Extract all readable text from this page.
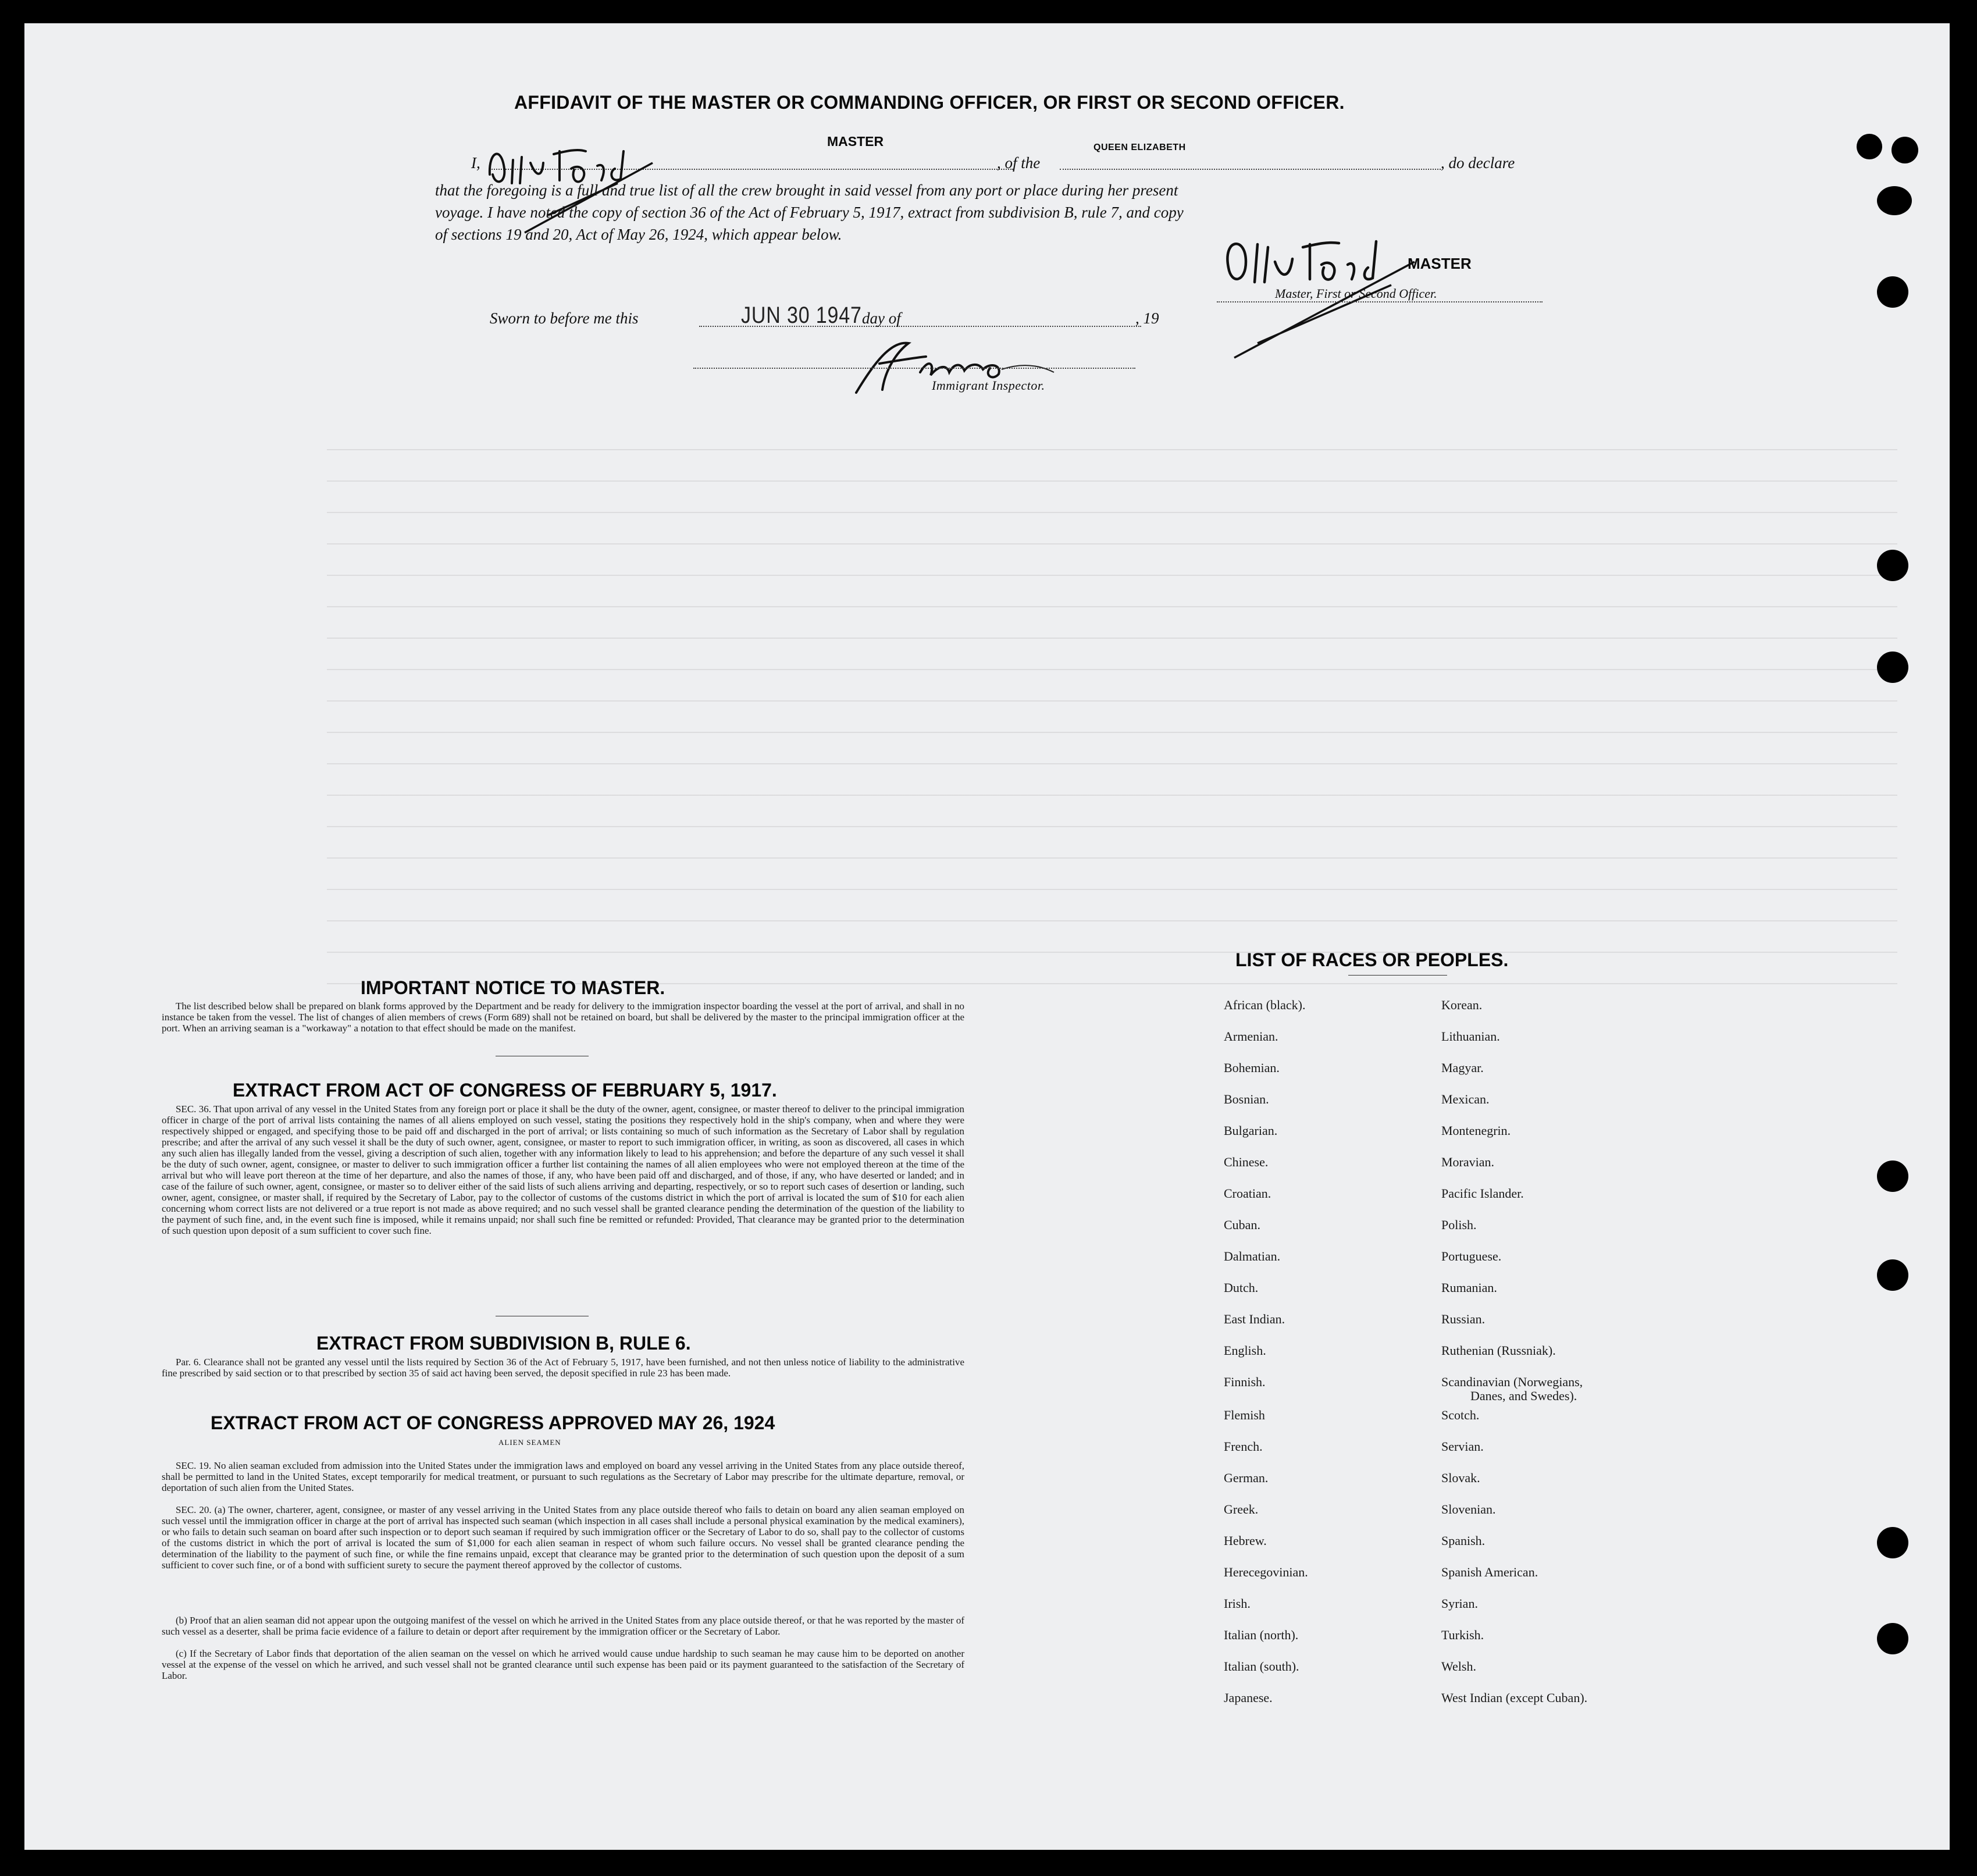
AFFIDAVIT OF THE MASTER OR COMMANDING OFFICER, OR FIRST OR SECOND OFFICER.
I,
MASTER
, of the
QUEEN ELIZABETH
, do declare
that the foregoing is a full and true list of all the crew brought in said vessel from any port or place during her present
voyage. I have noted the copy of section 36 of the Act of February 5, 1917, extract from subdivision B, rule 7, and copy
of sections 19 and 20, Act of May 26, 1924, which appear below.
MASTER
Master, First or Second Officer.
Sworn to before me this	JUN 30 1947 day of	, 19
Immigrant Inspector.
IMPORTANT NOTICE TO MASTER.
The list described below shall be prepared on blank forms approved by the Department and be ready for delivery to the immigration inspector boarding the vessel at the port of arrival, and shall in no instance be taken from the vessel. The list of changes of alien members of crews (Form 689) shall not be retained on board, but shall be delivered by the master to the principal immigration officer at the port. When an arriving seaman is a "workaway" a notation to that effect should be made on the manifest.
EXTRACT FROM ACT OF CONGRESS OF FEBRUARY 5, 1917.
SEC. 36. That upon arrival of any vessel in the United States from any foreign port or place it shall be the duty of the owner, agent, consignee, or master thereof to deliver to the principal immigration officer in charge of the port of arrival lists containing the names of all aliens employed on such vessel, stating the positions they respectively hold in the ship's company, when and where they were respectively shipped or engaged, and specifying those to be paid off and discharged in the port of arrival; or lists containing so much of such information as the Secretary of Labor shall by regulation prescribe; and after the arrival of any such vessel it shall be the duty of such owner, agent, consignee, or master to report to such immigration officer, in writing, as soon as discovered, all cases in which any such alien has illegally landed from the vessel, giving a description of such alien, together with any information likely to lead to his apprehension; and before the departure of any such vessel it shall be the duty of such owner, agent, consignee, or master to deliver to such immigration officer a further list containing the names of all alien employees who were not employed thereon at the time of the arrival but who will leave port thereon at the time of her departure, and also the names of those, if any, who have been paid off and discharged, and of those, if any, who have deserted or landed; and in case of the failure of such owner, agent, consignee, or master so to deliver either of the said lists of such aliens arriving and departing, respectively, or so to report such cases of desertion or landing, such owner, agent, consignee, or master shall, if required by the Secretary of Labor, pay to the collector of customs of the customs district in which the port of arrival is located the sum of $10 for each alien concerning whom correct lists are not delivered or a true report is not made as above required; and no such vessel shall be granted clearance pending the determination of the question of the liability to the payment of such fine, and, in the event such fine is imposed, while it remains unpaid; nor shall such fine be remitted or refunded: Provided, That clearance may be granted prior to the determination of such question upon deposit of a sum sufficient to cover such fine.
EXTRACT FROM SUBDIVISION B, RULE 6.
Par. 6. Clearance shall not be granted any vessel until the lists required by Section 36 of the Act of February 5, 1917, have been furnished, and not then unless notice of liability to the administrative fine prescribed by said section or to that prescribed by section 35 of said act having been served, the deposit specified in rule 23 has been made.
EXTRACT FROM ACT OF CONGRESS APPROVED MAY 26, 1924
ALIEN SEAMEN
SEC. 19. No alien seaman excluded from admission into the United States under the immigration laws and employed on board any vessel arriving in the United States from any place outside thereof, shall be permitted to land in the United States, except temporarily for medical treatment, or pursuant to such regulations as the Secretary of Labor may prescribe for the ultimate departure, removal, or deportation of such alien from the United States.
SEC. 20. (a) The owner, charterer, agent, consignee, or master of any vessel arriving in the United States from any place outside thereof who fails to detain on board any alien seaman employed on such vessel until the immigration officer in charge at the port of arrival has inspected such seaman (which inspection in all cases shall include a personal physical examination by the medical examiners), or who fails to detain such seaman on board after such inspection or to deport such seaman if required by such immigration officer or the Secretary of Labor to do so, shall pay to the collector of customs of the customs district in which the port of arrival is located the sum of $1,000 for each alien seaman in respect of whom such failure occurs. No vessel shall be granted clearance pending the determination of the liability to the payment of such fine, or while the fine remains unpaid, except that clearance may be granted prior to the determination of such question upon the deposit of a sum sufficient to cover such fine, or of a bond with sufficient surety to secure the payment thereof approved by the collector of customs.
(b) Proof that an alien seaman did not appear upon the outgoing manifest of the vessel on which he arrived in the United States from any place outside thereof, or that he was reported by the master of such vessel as a deserter, shall be prima facie evidence of a failure to detain or deport after requirement by the immigration officer or the Secretary of Labor.
(c) If the Secretary of Labor finds that deportation of the alien seaman on the vessel on which he arrived would cause undue hardship to such seaman he may cause him to be deported on another vessel at the expense of the vessel on which he arrived, and such vessel shall not be granted clearance until such expense has been paid or its payment guaranteed to the satisfaction of the Secretary of Labor.
LIST OF RACES OR PEOPLES.
African (black).
Armenian.
Bohemian.
Bosnian.
Bulgarian.
Chinese.
Croatian.
Cuban.
Dalmatian.
Dutch.
East Indian.
English.
Finnish.
Flemish
French.
German.
Greek.
Hebrew.
Herecegovinian.
Irish.
Italian (north).
Italian (south).
Japanese.
Korean.
Lithuanian.
Magyar.
Mexican.
Montenegrin.
Moravian.
Pacific Islander.
Polish.
Portuguese.
Rumanian.
Russian.
Ruthenian (Russniak).
Scandinavian (Norwegians,
Danes, and Swedes).
Scotch.
Servian.
Slovak.
Slovenian.
Spanish.
Spanish American.
Syrian.
Turkish.
Welsh.
West Indian (except Cuban).
